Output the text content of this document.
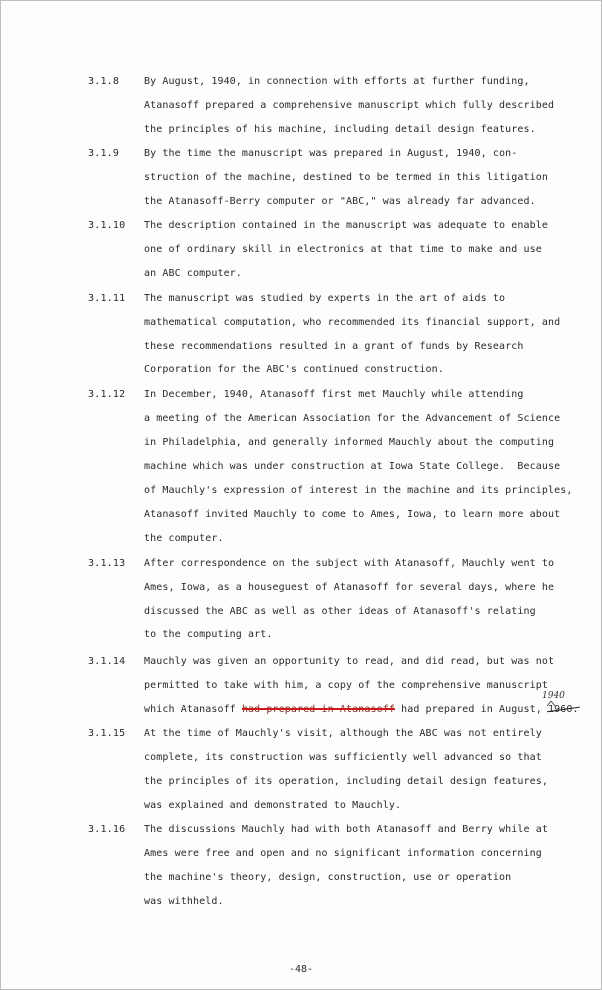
3.1.8 By August, 1940, in connection with efforts at further funding,
Atanasoff prepared a comprehensive manuscript which fully described
the principles of his machine, including detail design features.
3.1.9 By the time the manuscript was prepared in August, 1940, con-
struction of the machine, destined to be termed in this litigation
the Atanasoff-Berry computer or "ABC," was already far advanced.
3.1.10 The description contained in the manuscript was adequate to enable
one of ordinary skill in electronics at that time to make and use
an ABC computer.
3.1.11 The manuscript was studied by experts in the art of aids to
mathematical computation, who recommended its financial support, and
these recommendations resulted in a grant of funds by Research
Corporation for the ABC's continued construction.
3.1.12 In December, 1940, Atanasoff first met Mauchly while attending
a meeting of the American Association for the Advancement of Science
in Philadelphia, and generally informed Mauchly about the computing
machine which was under construction at Iowa State College.  Because
of Mauchly's expression of interest in the machine and its principles,
Atanasoff invited Mauchly to come to Ames, Iowa, to learn more about
the computer.
3.1.13 After correspondence on the subject with Atanasoff, Mauchly went to
Ames, Iowa, as a houseguest of Atanasoff for several days, where he
discussed the ABC as well as other ideas of Atanasoff's relating
to the computing art.
3.1.14 Mauchly was given an opportunity to read, and did read, but was not
permitted to take with him, a copy of the comprehensive manuscript
which Atanasoff had prepared in Atanasoff had prepared in August, 1960.
1940
3.1.15 At the time of Mauchly's visit, although the ABC was not entirely
complete, its construction was sufficiently well advanced so that
the principles of its operation, including detail design features,
was explained and demonstrated to Mauchly.
3.1.16 The discussions Mauchly had with both Atanasoff and Berry while at
Ames were free and open and no significant information concerning
the machine's theory, design, construction, use or operation
was withheld.
-48-
